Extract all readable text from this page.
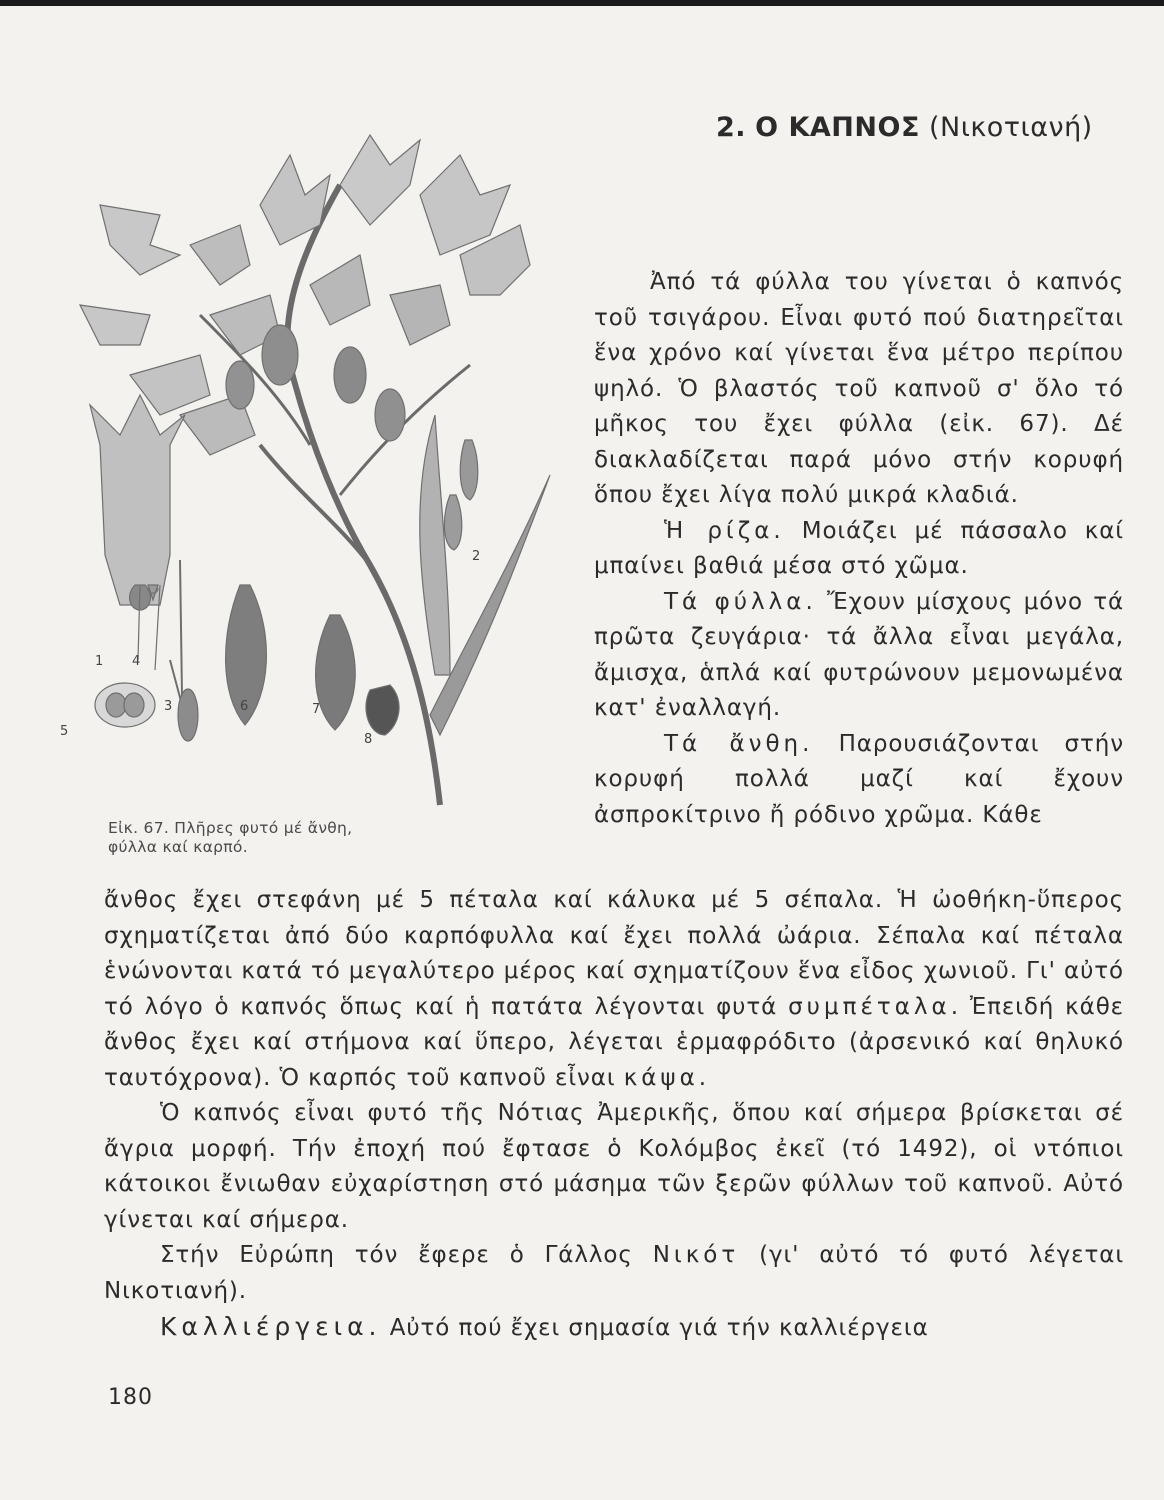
2. Ο ΚΑΠΝΟΣ (Νικοτιανή)
1
2
3
4
5
6	7
8
Εἰκ. 67. Πλῆρες φυτό μέ ἄνθη,
φύλλα καί καρπό.

Ἀπό τά φύλλα του γίνεται ὁ καπνός τοῦ τσιγάρου. Εἶναι φυτό πού διατηρεῖται ἕνα χρόνο καί γίνεται ἕνα μέτρο περίπου ψηλό. Ὁ βλαστός τοῦ καπνοῦ σ' ὅλο τό μῆκος του ἔχει φύλλα (εἰκ. 67). Δέ διακλαδίζεται παρά μόνο στήν κορυφή ὅπου ἔχει λίγα πολύ μικρά κλαδιά.

Ἡ ρίζα. Μοιάζει μέ πάσσαλο καί μπαίνει βαθιά μέσα στό χῶμα.

Τά φύλλα. Ἔχουν μίσχους μόνο τά πρῶτα ζευγάρια· τά ἄλλα εἶναι μεγάλα, ἄμισχα, ἁπλά καί φυτρώνουν μεμονωμένα κατ' ἐναλλαγή.

Τά ἄνθη. Παρουσιάζονται στήν κορυφή πολλά μαζί καί ἔχουν ἀσπροκίτρινο ἤ ρόδινο χρῶμα. Κάθε

ἄνθος ἔχει στεφάνη μέ 5 πέταλα καί κάλυκα μέ 5 σέπαλα. Ἡ ὠοθήκη-ὕπερος σχηματίζεται ἀπό δύο καρπόφυλλα καί ἔχει πολλά ὠάρια. Σέπαλα καί πέταλα ἑνώνονται κατά τό μεγαλύτερο μέρος καί σχηματίζουν ἕνα εἶδος χωνιοῦ. Γι' αὐτό τό λόγο ὁ καπνός ὅπως καί ἡ πατάτα λέγονται φυτά συμπέταλα. Ἐπειδή κάθε ἄνθος ἔχει καί στήμονα καί ὕπερο, λέγεται ἑρμαφρόδιτο (ἀρσενικό καί θηλυκό ταυτόχρονα). Ὁ καρπός τοῦ καπνοῦ εἶναι κάψα.

Ὁ καπνός εἶναι φυτό τῆς Νότιας Ἀμερικῆς, ὅπου καί σήμερα βρίσκεται σέ ἄγρια μορφή. Τήν ἐποχή πού ἔφτασε ὁ Κολόμβος ἐκεῖ (τό 1492), οἱ ντόπιοι κάτοικοι ἔνιωθαν εὐχαρίστηση στό μάσημα τῶν ξερῶν φύλλων τοῦ καπνοῦ. Αὐτό γίνεται καί σήμερα.

Στήν Εὐρώπη τόν ἔφερε ὁ Γάλλος Νικότ (γι' αὐτό τό φυτό λέγεται Νικοτιανή).

Καλλιέργεια. Αὐτό πού ἔχει σημασία γιά τήν καλλιέργεια

180
